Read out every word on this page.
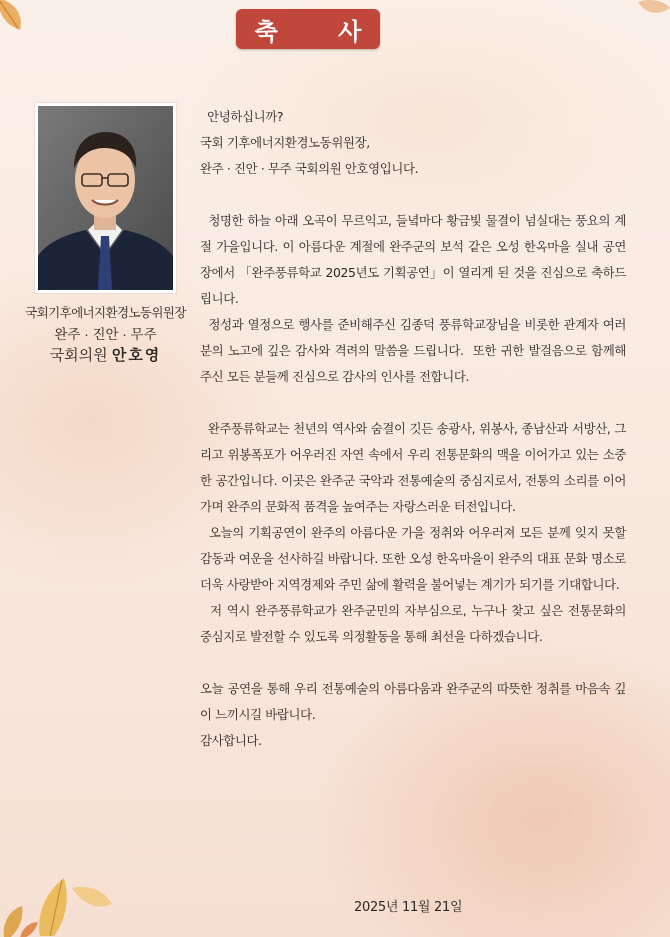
축 사
국회기후에너지환경노동위원장
완주 · 진안 · 무주
국회의원 안호영

안녕하십니까?

국회 기후에너지환경노동위원장,

완주 · 진안 · 무주 국회의원 안호영입니다.

청명한 하늘 아래 오곡이 무르익고, 들녘마다 황금빛 물결이 넘실대는 풍요의 계절 가을입니다. 이 아름다운 계절에 완주군의 보석 같은 오성 한옥마을 실내 공연장에서 「완주풍류학교 2025년도 기획공연」이 열리게 된 것을 진심으로 축하드립니다.

정성과 열정으로 행사를 준비해주신 김종덕 풍류학교장님을 비롯한 관계자 여러분의 노고에 깊은 감사와 격려의 말씀을 드립니다.  또한 귀한 발걸음으로 함께해 주신 모든 분들께 진심으로 감사의 인사를 전합니다.

완주풍류학교는 천년의 역사와 숨결이 깃든 송광사, 위봉사, 종남산과 서방산, 그리고 위봉폭포가 어우러진 자연 속에서 우리 전통문화의 맥을 이어가고 있는 소중한 공간입니다. 이곳은 완주군 국악과 전통예술의 중심지로서, 전통의 소리를 이어가며 완주의 문화적 품격을 높여주는 자랑스러운 터전입니다.

오늘의 기획공연이 완주의 아름다운 가을 정취와 어우러져 모든 분께 잊지 못할 감동과 여운을 선사하길 바랍니다. 또한 오성 한옥마을이 완주의 대표 문화 명소로 더욱 사랑받아 지역경제와 주민 삶에 활력을 불어넣는 계기가 되기를 기대합니다.

저 역시 완주풍류학교가 완주군민의 자부심으로, 누구나 찾고 싶은 전통문화의 중심지로 발전할 수 있도록 의정활동을 통해 최선을 다하겠습니다.

오늘 공연을 통해 우리 전통예술의 아름다움과 완주군의 따뜻한 정취를 마음속 깊이 느끼시길 바랍니다.

감사합니다.

2025년 11월 21일
